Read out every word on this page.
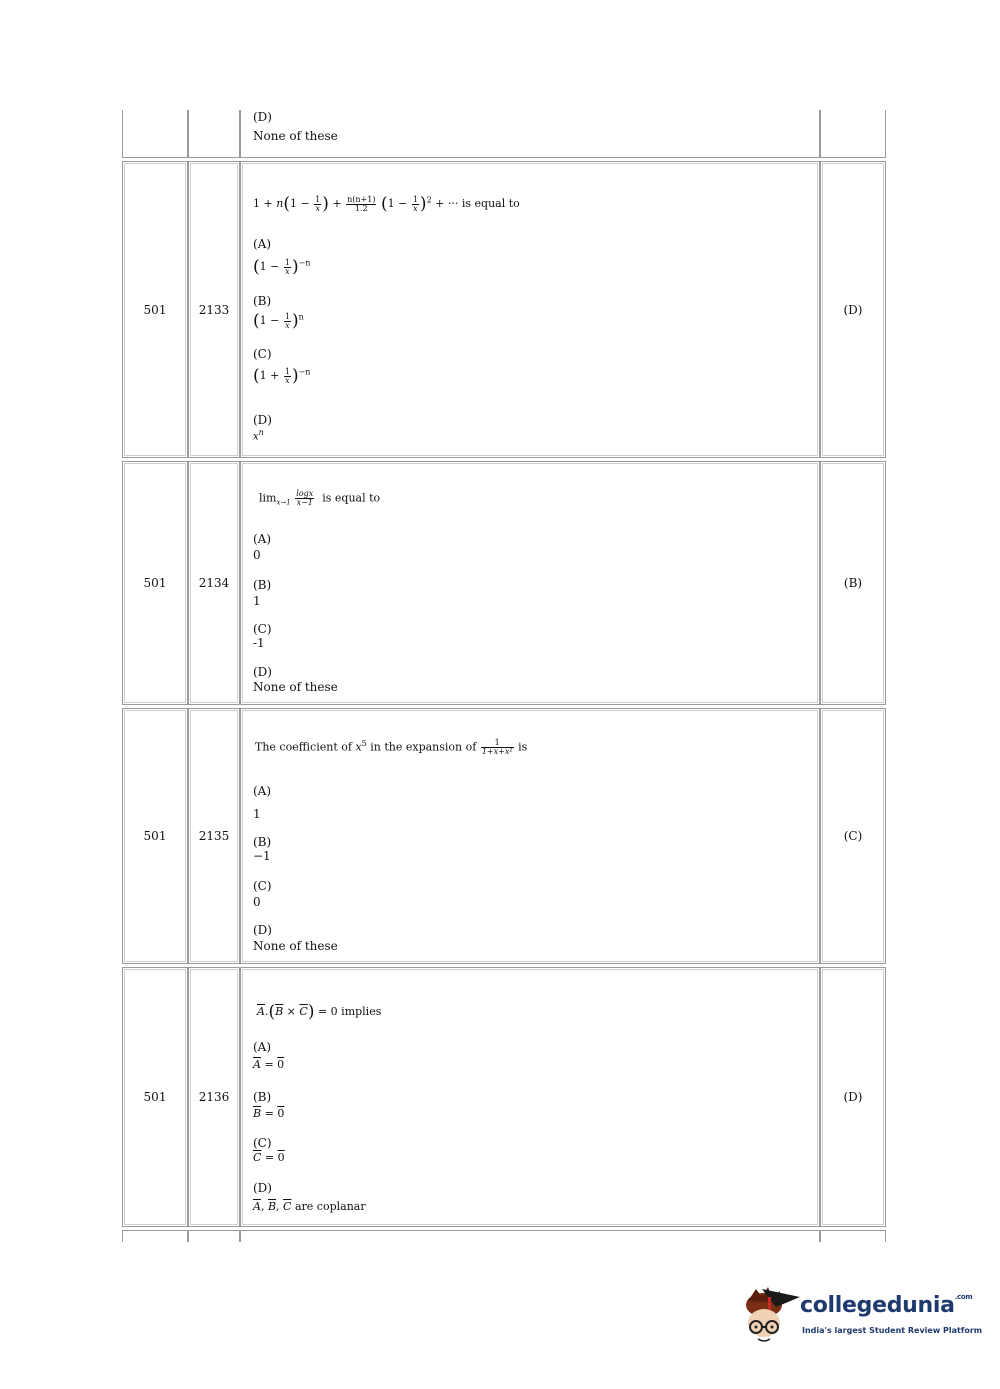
(D)
None of these
501	2133
$1 + n(1 - \frac{1}{x}$ ) + $\frac{n(n+1)}{1.2} (1 - \frac{1}{x} )^2$ + ··· is equal to
(A)
$(1 - \frac{1}{x} )^{-n}$
(B)
$(1 - \frac{1}{x} )^n$
(C)
$(1 + \frac{1}{x} )^{-n}$
(D)
$x^n$
(D)
501	2134
$\lim_{x\to 1} \frac{\log x}{x-1}$ is equal to
(A)
0
(B)
1
(C)
-1
(D)
None of these
(B)
501	2135
The coefficient of $x^5$ in the expansion of $\frac{1}{\text{1+x+x²}}$ is
(A)
1
(B)
−1
(C)
0
(D)
None of these
(C)
501	2136
$\overline{A}.(\overline{B} \times \overline{C}) = 0$ implies
(A)
$\overline{A} = 0$
(B)
$\overline{B} = 0$
(C)
$\overline{C} = 0$
(D)
$\overline{A}$, $\overline{B}$, $\overline{C}$ are coplanar
(D)
collegedunia$^{.com}$
India's largest Student Review Platform
